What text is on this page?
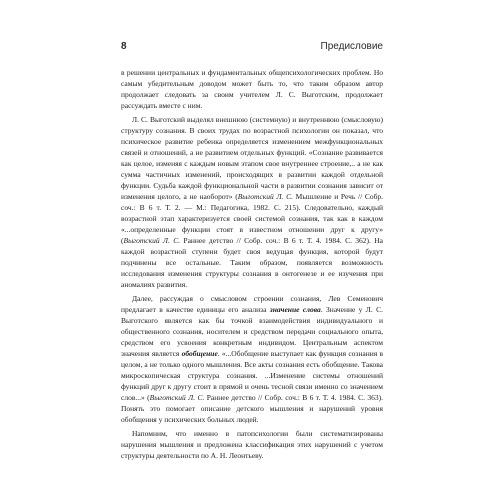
8	Предисловие

в решении центральных и фундаментальных общепсихологических проблем. Но самым убедительным доводом может быть то, что таким образом автор продолжает следовать за своим учителем Л. С. Выготским, продолжает рассуждать вместе с ним.

Л. С. Выготский выделял внешнюю (системную) и внутреннюю (смысловую) структуру сознания. В своих трудах по возрастной психологии он показал, что психическое развитие ребенка определяется изменением межфункциональных связей и отношений, а не развитием отдельных функций. «Сознание развивается как целое, изменяя с каждым новым этапом свое внутреннее строение,.. а не как сумма частичных изменений, происходящих в развитии каждой отдельной функции. Судьба каждой функциональной части в развитии сознания зависит от изменения целого, а не наоборот» (Выготский Л. С. Мышление и Речь // Собр. соч.: В 6 т. Т. 2. — М.: Педагогика, 1982. С. 215). Следовательно, каждый возрастной этап характеризуется своей системой сознания, так как в каждом «...определенные функции стоят в известном отношении друг к другу» (Выготский Л. С. Раннее детство // Собр. соч.: В 6 т. Т. 4. 1984. С. 362). На каждой возрастной ступени будет своя ведущая функция, которой будут подчинены все остальные. Таким образом, появляется возможность исследования изменения структуры сознания в онтогенезе и ее изучения при аномалиях развития.

Далее, рассуждая о смысловом строении сознания, Лев Семенович предлагает в качестве единицы его анализа значение слова. Значение у Л. С. Выготского является как бы точкой взаимодействия индивидуального и общественного сознания, носителем и средством передачи социального опыта, средством его усвоения конкретным индивидом. Центральным аспектом значения является обобщение. «...Обобщение выступает как функция сознания в целом, а не только одного мышления. Все акты сознания есть обобщение. Такова микроскопическая структура сознания. ...Изменение системы отношений функций друг к другу стоит в прямой и очень тесной связи именно со значением слов...» (Выготский Л. С. Раннее детство // Собр. соч.: В 6 т. Т. 4. 1984. С. 363). Понять это помогает описание детского мышления и нарушений уровня обобщения у психических больных людей.

Напомним, что именно в патопсихологии были систематизированы нарушения мышления и предложена классификация этих нарушений с учетом структуры деятельности по А. Н. Леонтьеву.
